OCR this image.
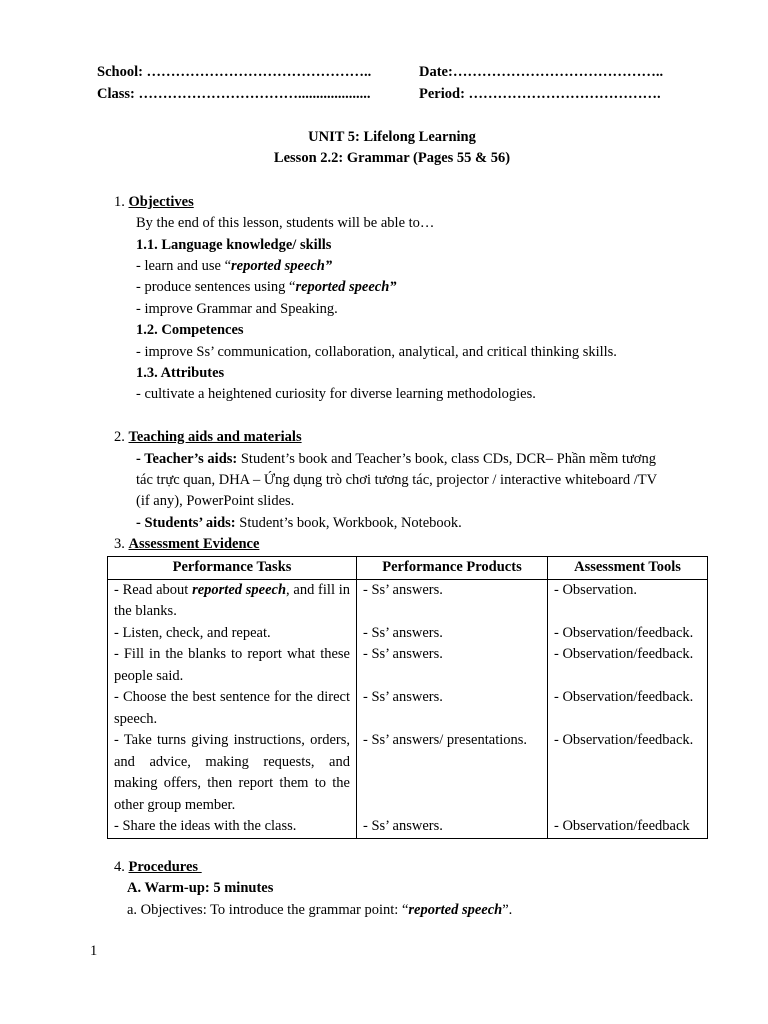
School: ………………………………………..	Date:……………………………………..
Class: ……………………………....................	Period: ………………………………….
UNIT 5: Lifelong Learning
Lesson 2.2: Grammar (Pages 55 & 56)
1. Objectives
By the end of this lesson, students will be able to…
1.1. Language knowledge/ skills
- learn and use “reported speech”
- produce sentences using “reported speech”
- improve Grammar and Speaking.
1.2. Competences
- improve Ss’ communication, collaboration, analytical, and critical thinking skills.
1.3. Attributes
- cultivate a heightened curiosity for diverse learning methodologies.
2. Teaching aids and materials
- Teacher’s aids: Student’s book and Teacher’s book, class CDs, DCR– Phần mềm tương
tác trực quan, DHA – Ứng dụng trò chơi tương tác, projector / interactive whiteboard /TV
(if any), PowerPoint slides.
- Students’ aids: Student’s book, Workbook, Notebook.
3. Assessment Evidence
Performance Tasks	Performance Products	Assessment Tools
- Read about reported speech, and fill in the blanks.	- Ss’ answers.	- Observation.
- Listen, check, and repeat.	- Ss’ answers.	- Observation/feedback.
- Fill in the blanks to report what these people said.	- Ss’ answers.	- Observation/feedback.
- Choose the best sentence for the direct speech.	- Ss’ answers.	- Observation/feedback.
- Take turns giving instructions, orders, and advice, making requests, and making offers, then report them to the other group member.	- Ss’ answers/ presentations.	- Observation/feedback.
- Share the ideas with the class.	- Ss’ answers.	- Observation/feedback
4. Procedures
A. Warm-up: 5 minutes
a. Objectives: To introduce the grammar point: “reported speech”.
1
